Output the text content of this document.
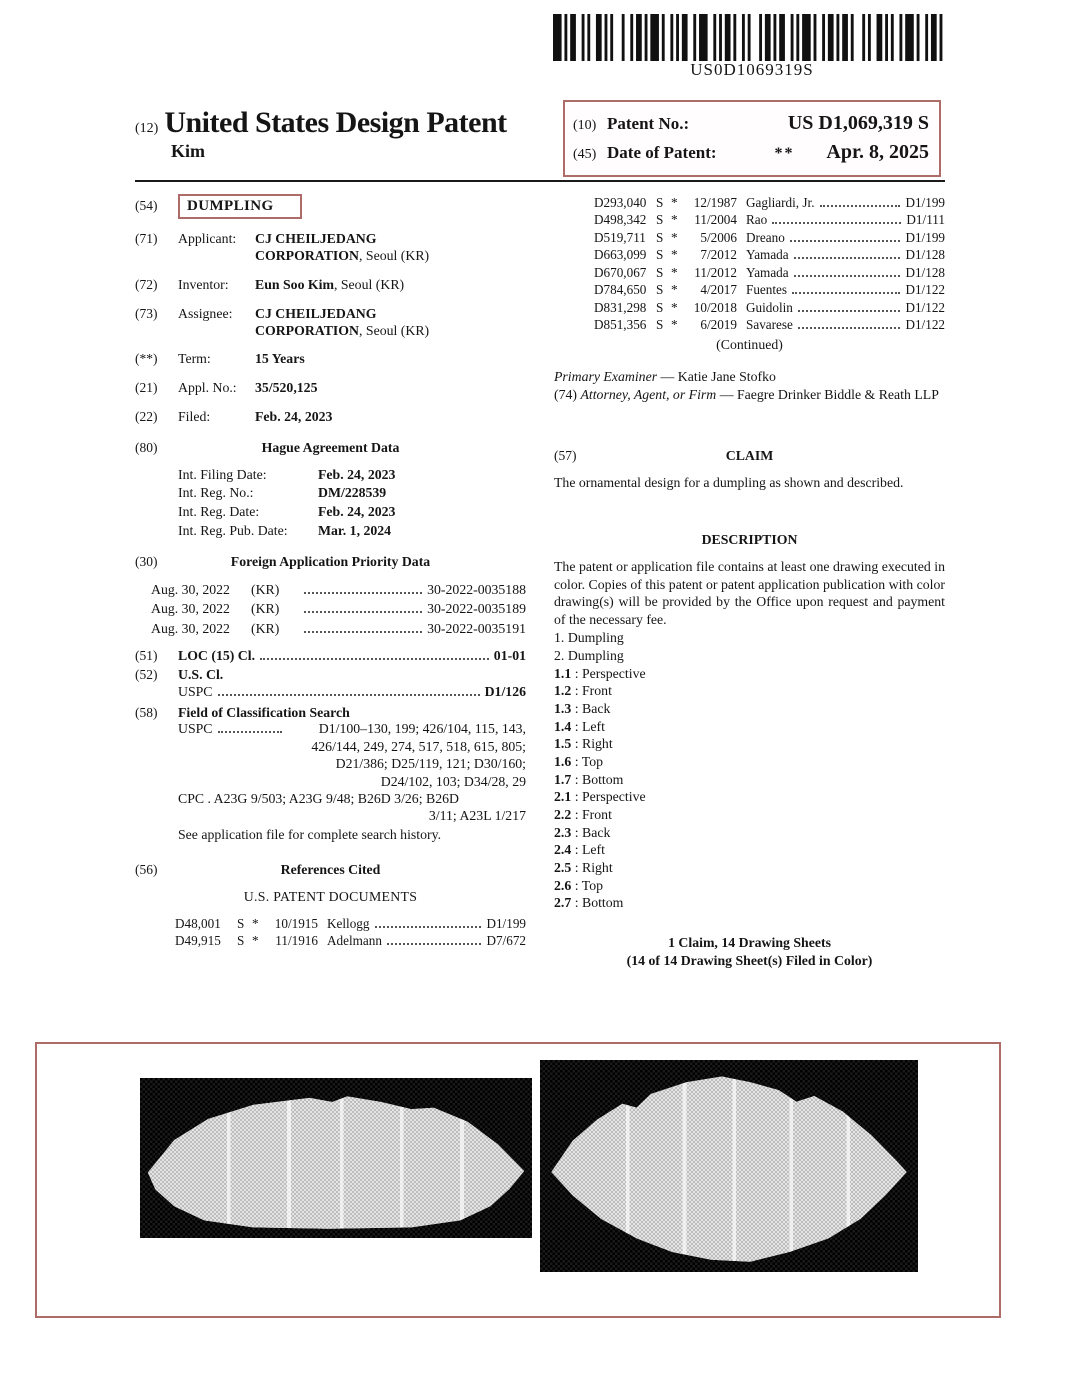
US0D1069319S
(12) United States Design Patent
Kim
(10) Patent No.:	US D1,069,319 S
(45) Date of Patent:	** Apr. 8, 2025
(54)	DUMPLING
(71)	Applicant:	CJ CHEILJEDANG
CORPORATION, Seoul (KR)
(72)	Inventor:	Eun Soo Kim, Seoul (KR)
(73)	Assignee:	CJ CHEILJEDANG
CORPORATION, Seoul (KR)
(**)	Term:	15 Years
(21)	Appl. No.:	35/520,125
(22)	Filed:	Feb. 24, 2023
(80)	Hague Agreement Data
Int. Filing Date:	Feb. 24, 2023
Int. Reg. No.:	DM/228539
Int. Reg. Date:	Feb. 24, 2023
Int. Reg. Pub. Date:	Mar. 1, 2024
(30)	Foreign Application Priority Data
Aug. 30, 2022	(KR)	30-2022-0035188
Aug. 30, 2022	(KR)	30-2022-0035189
Aug. 30, 2022	(KR)	30-2022-0035191
(51)	LOC (15) Cl.	01-01
(52)	U.S. Cl.
USPC	D1/126
(58)	Field of Classification Search
USPC	D1/100–130, 199; 426/104, 115, 143,
426/144, 249, 274, 517, 518, 615, 805;
D21/386; D25/119, 121; D30/160;
D24/102, 103; D34/28, 29
CPC . A23G 9/503; A23G 9/48; B26D 3/26; B26D
3/11; A23L 1/217
See application file for complete search history.
(56)	References Cited
U.S. PATENT DOCUMENTS
D48,001	S *	10/1915 Kellogg	D1/199
D49,915	S *	11/1916 Adelmann	D7/672
D293,040 S *	12/1987 Gagliardi, Jr.	D1/199
D498,342 S *	11/2004 Rao	D1/111
D519,711 S *	5/2006 Dreano	D1/199
D663,099 S *	7/2012 Yamada	D1/128
D670,067 S *	11/2012 Yamada	D1/128
D784,650 S *	4/2017 Fuentes	D1/122
D831,298 S *	10/2018 Guidolin	D1/122
D851,356 S *	6/2019 Savarese	D1/122
(Continued)
Primary Examiner — Katie Jane Stofko
(74) Attorney, Agent, or Firm — Faegre Drinker Biddle & Reath LLP
(57)	CLAIM
The ornamental design for a dumpling as shown and described.
DESCRIPTION
The patent or application file contains at least one drawing executed in color. Copies of this patent or patent application publication with color drawing(s) will be provided by the Office upon request and payment of the necessary fee.
1. Dumpling
2. Dumpling
1.1 : Perspective
1.2 : Front
1.3 : Back
1.4 : Left
1.5 : Right
1.6 : Top
1.7 : Bottom
2.1 : Perspective
2.2 : Front
2.3 : Back
2.4 : Left
2.5 : Right
2.6 : Top
2.7 : Bottom
1 Claim, 14 Drawing Sheets
(14 of 14 Drawing Sheet(s) Filed in Color)
